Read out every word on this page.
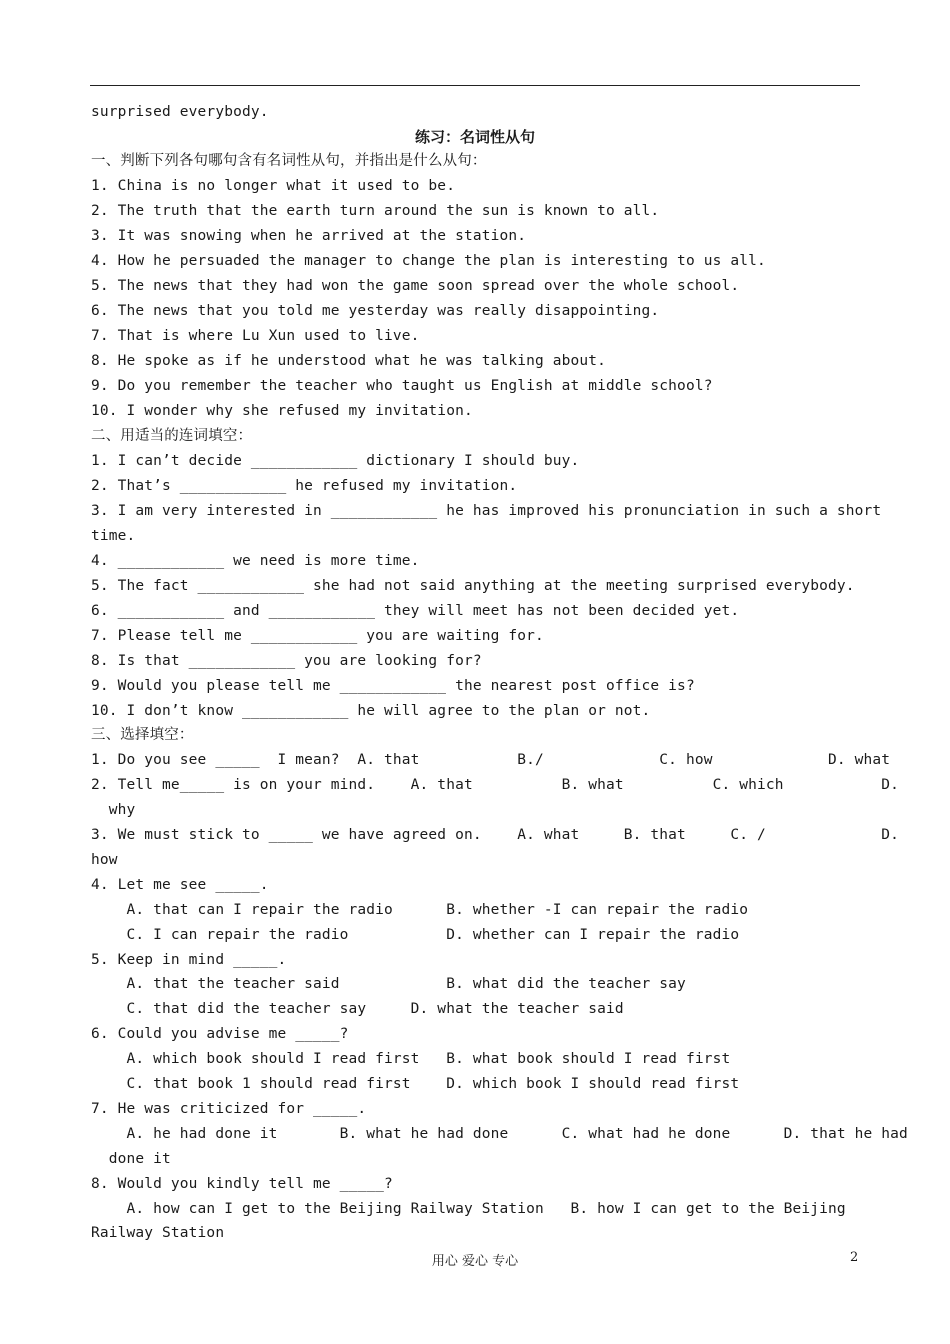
surprised everybody.
练习：名词性从句
一、判断下列各句哪句含有名词性从句，并指出是什么从句：
1. China is no longer what it used to be.
2. The truth that the earth turn around the sun is known to all.
3. It was snowing when he arrived at the station.
4. How he persuaded the manager to change the plan is interesting to us all.
5. The news that they had won the game soon spread over the whole school.
6. The news that you told me yesterday was really disappointing.
7. That is where Lu Xun used to live.
8. He spoke as if he understood what he was talking about.
9. Do you remember the teacher who taught us English at middle school?
10. I wonder why she refused my invitation.
二、用适当的连词填空：
1. I can’t decide ____________ dictionary I should buy.
2. That’s ____________ he refused my invitation.
3. I am very interested in ____________ he has improved his pronunciation in such a short
time.
4. ____________ we need is more time.
5. The fact ____________ she had not said anything at the meeting surprised everybody.
6. ____________ and ____________ they will meet has not been decided yet.
7. Please tell me ____________ you are waiting for.
8. Is that ____________ you are looking for?
9. Would you please tell me ____________ the nearest post office is?
10. I don’t know ____________ he will agree to the plan or not.
三、选择填空：
1. Do you see _____  I mean?  A. that           B./             C. how             D. what
2. Tell me_____ is on your mind.    A. that          B. what          C. which           D.
why
3. We must stick to _____ we have agreed on.    A. what     B. that     C. /             D.
how
4. Let me see _____.
A. that can I repair the radio      B. whether -I can repair the radio
C. I can repair the radio           D. whether can I repair the radio
5. Keep in mind _____.
A. that the teacher said            B. what did the teacher say
C. that did the teacher say     D. what the teacher said
6. Could you advise me _____?
A. which book should I read first   B. what book should I read first
C. that book 1 should read first    D. which book I should read first
7. He was criticized for _____.
A. he had done it       B. what he had done      C. what had he done      D. that he had
done it
8. Would you kindly tell me _____?
A. how can I get to the Beijing Railway Station   B. how I can get to the Beijing
Railway Station
用心 爱心 专心	2
